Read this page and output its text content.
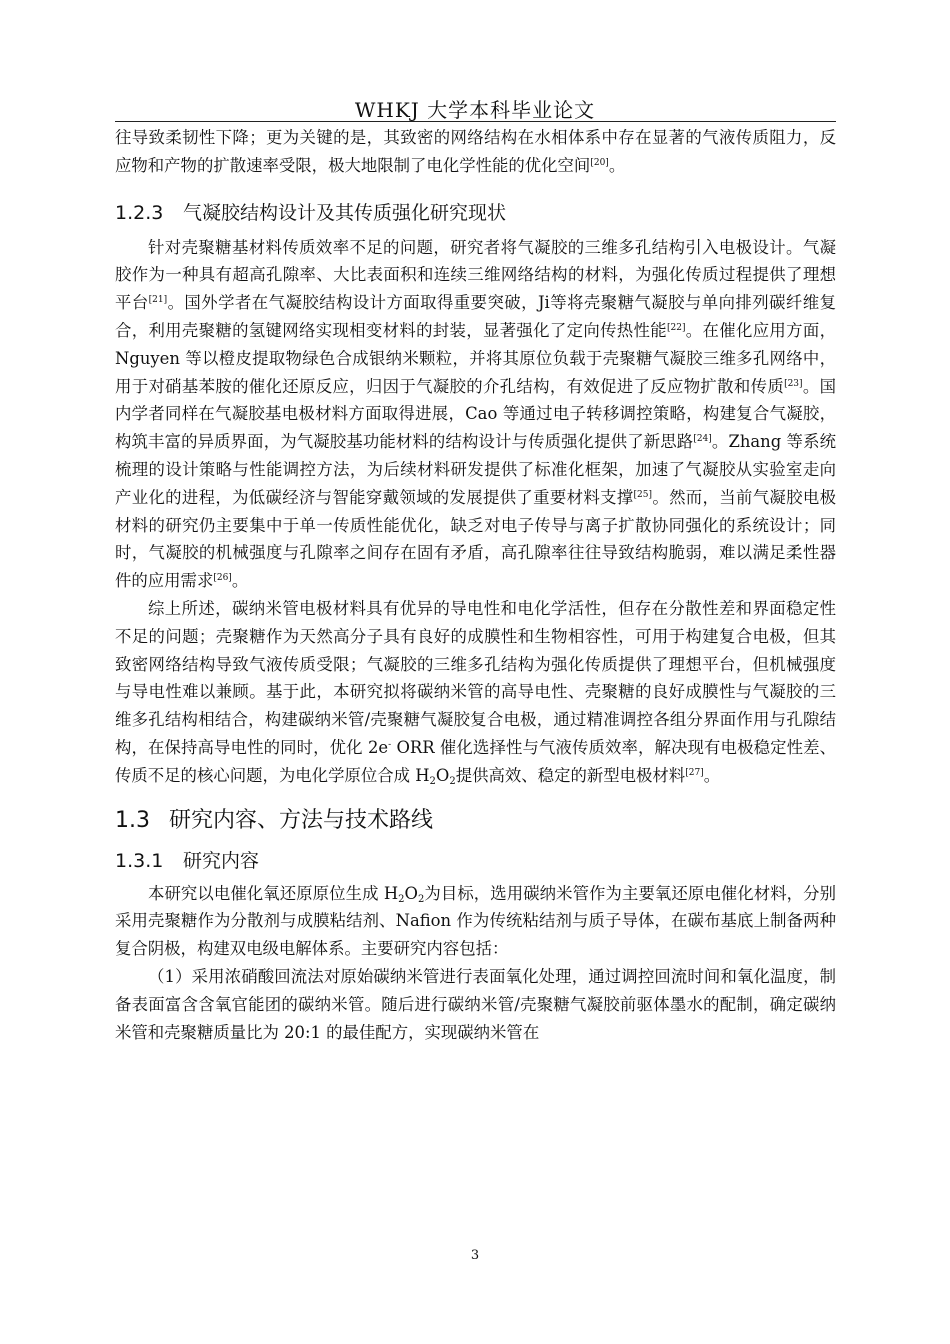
WHKJ 大学本科毕业论文

往导致柔韧性下降；更为关键的是，其致密的网络结构在水相体系中存在显著的气液传质阻力，反应物和产物的扩散速率受限，极大地限制了电化学性能的优化空间[20]。

1.2.3 气凝胶结构设计及其传质强化研究现状

针对壳聚糖基材料传质效率不足的问题，研究者将气凝胶的三维多孔结构引入电极设计。气凝胶作为一种具有超高孔隙率、大比表面积和连续三维网络结构的材料，为强化传质过程提供了理想平台[21]。国外学者在气凝胶结构设计方面取得重要突破，Ji等将壳聚糖气凝胶与单向排列碳纤维复合，利用壳聚糖的氢键网络实现相变材料的封装，显著强化了定向传热性能[22]。在催化应用方面，Nguyen 等以橙皮提取物绿色合成银纳米颗粒，并将其原位负载于壳聚糖气凝胶三维多孔网络中，用于对硝基苯胺的催化还原反应，归因于气凝胶的介孔结构，有效促进了反应物扩散和传质[23]。国内学者同样在气凝胶基电极材料方面取得进展，Cao 等通过电子转移调控策略，构建复合气凝胶，构筑丰富的异质界面，为气凝胶基功能材料的结构设计与传质强化提供了新思路[24]。Zhang 等系统梳理的设计策略与性能调控方法，为后续材料研发提供了标准化框架，加速了气凝胶从实验室走向产业化的进程，为低碳经济与智能穿戴领域的发展提供了重要材料支撑[25]。然而，当前气凝胶电极材料的研究仍主要集中于单一传质性能优化，缺乏对电子传导与离子扩散协同强化的系统设计；同时，气凝胶的机械强度与孔隙率之间存在固有矛盾，高孔隙率往往导致结构脆弱，难以满足柔性器件的应用需求[26]。

综上所述，碳纳米管电极材料具有优异的导电性和电化学活性，但存在分散性差和界面稳定性不足的问题；壳聚糖作为天然高分子具有良好的成膜性和生物相容性，可用于构建复合电极，但其致密网络结构导致气液传质受限；气凝胶的三维多孔结构为强化传质提供了理想平台，但机械强度与导电性难以兼顾。基于此，本研究拟将碳纳米管的高导电性、壳聚糖的良好成膜性与气凝胶的三维多孔结构相结合，构建碳纳米管/壳聚糖气凝胶复合电极，通过精准调控各组分界面作用与孔隙结构，在保持高导电性的同时，优化 2e- ORR 催化选择性与气液传质效率，解决现有电极稳定性差、传质不足的核心问题，为电化学原位合成 $H_2O_2$提供高效、稳定的新型电极材料[27]。

1.3 研究内容、方法与技术路线

1.3.1 研究内容

本研究以电催化氧还原原位生成 $H_2O_2$为目标，选用碳纳米管作为主要氧还原电催化材料，分别采用壳聚糖作为分散剂与成膜粘结剂、Nafion 作为传统粘结剂与质子导体，在碳布基底上制备两种复合阴极，构建双电级电解体系。主要研究内容包括：

（1）采用浓硝酸回流法对原始碳纳米管进行表面氧化处理，通过调控回流时间和氧化温度，制备表面富含含氧官能团的碳纳米管。随后进行碳纳米管/壳聚糖气凝胶前驱体墨水的配制，确定碳纳米管和壳聚糖质量比为 20:1 的最佳配方，实现碳纳米管在

3
